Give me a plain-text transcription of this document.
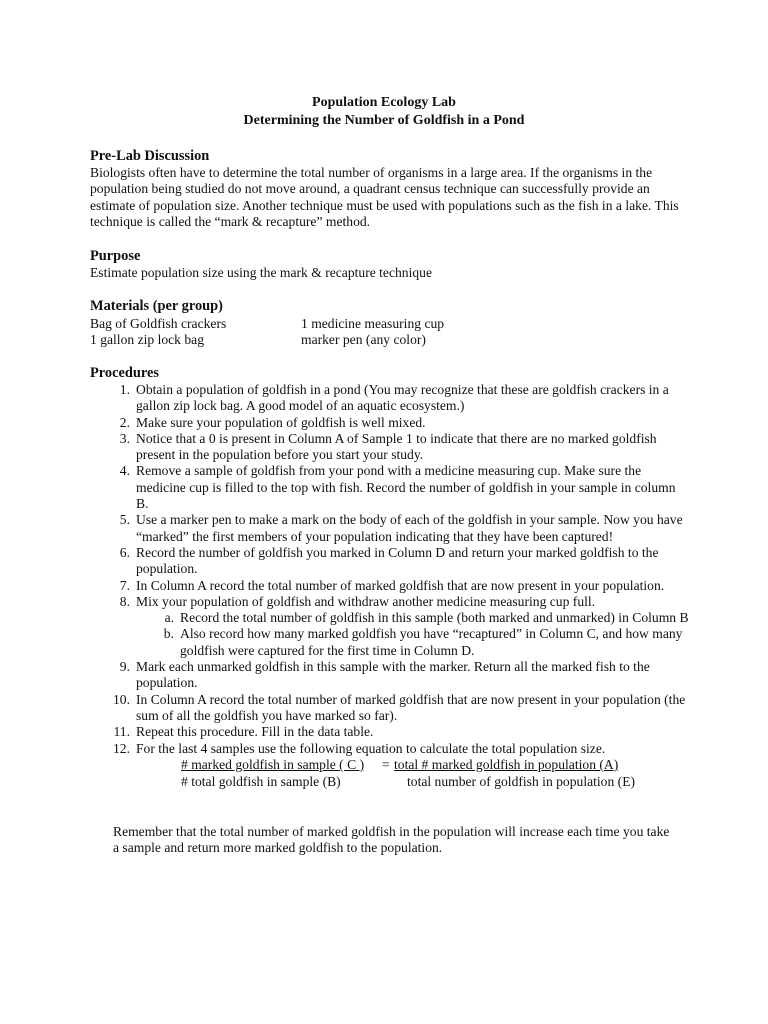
Population Ecology Lab
Determining the Number of Goldfish in a Pond
Pre-Lab Discussion
Biologists often have to determine the total number of organisms in a large area. If the organisms in the population being studied do not move around, a quadrant census technique can successfully provide an estimate of population size. Another technique must be used with populations such as the fish in a lake. This technique is called the “mark & recapture” method.
Purpose
Estimate population size using the mark & recapture technique
Materials (per group)
Bag of Goldfish crackers	1 medicine measuring cup
1 gallon zip lock bag	marker pen (any color)
Procedures
1. Obtain a population of goldfish in a pond (You may recognize that these are goldfish crackers in a gallon zip lock bag. A good model of an aquatic ecosystem.)
2. Make sure your population of goldfish is well mixed.
3. Notice that a 0 is present in Column A of Sample 1 to indicate that there are no marked goldfish present in the population before you start your study.
4. Remove a sample of goldfish from your pond with a medicine measuring cup. Make sure the medicine cup is filled to the top with fish. Record the number of goldfish in your sample in column B.
5. Use a marker pen to make a mark on the body of each of the goldfish in your sample. Now you have “marked” the first members of your population indicating that they have been captured!
6. Record the number of goldfish you marked in Column D and return your marked goldfish to the population.
7. In Column A record the total number of marked goldfish that are now present in your population.
8. Mix your population of goldfish and withdraw another medicine measuring cup full.
a. Record the total number of goldfish in this sample (both marked and unmarked) in Column B
b. Also record how many marked goldfish you have “recaptured” in Column C, and how many goldfish were captured for the first time in Column D.
9. Mark each unmarked goldfish in this sample with the marker. Return all the marked fish to the population.
10. In Column A record the total number of marked goldfish that are now present in your population (the sum of all the goldfish you have marked so far).
11. Repeat this procedure. Fill in the data table.
12. For the last 4 samples use the following equation to calculate the total population size.
# marked goldfish in sample ( C ) = total # marked goldfish in population (A)
# total goldfish in sample (B)	total number of goldfish in population (E)
Remember that the total number of marked goldfish in the population will increase each time you take a sample and return more marked goldfish to the population.
